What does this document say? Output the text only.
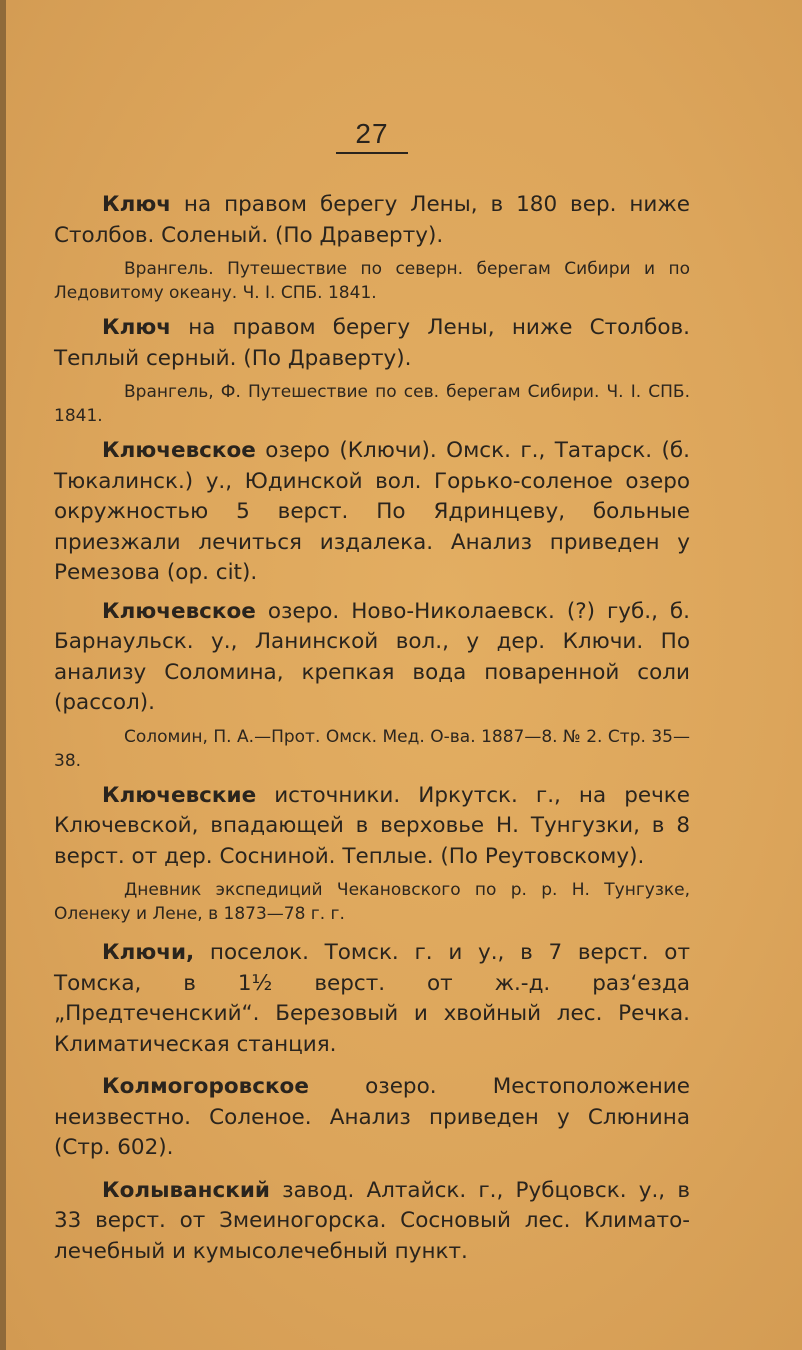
27

Ключ на правом берегу Лены, в 180 вер. ниже Столбов. Соленый. (По Драверту).

Врангель. Путешествие по северн. берегам Сибири и по Ледовитому океану. Ч. I. СПБ. 1841.

Ключ на правом берегу Лены, ниже Столбов. Теплый серный. (По Драверту).

Врангель, Ф. Путешествие по сев. берегам Сибири. Ч. I. СПБ. 1841.

Ключевское озеро (Ключи). Омск. г., Татарск. (б. Тюкалинск.) у., Юдинской вол. Горько-соленое озеро окружностью 5 верст. По Ядринцеву, больные приезжали лечиться издалека. Анализ приведен у Ремезова (ор. cit).

Ключевское озеро. Ново-Николаевск. (?) губ., б. Барнаульск. у., Ланинской вол., у дер. Ключи. По анализу Соломина, крепкая вода поваренной соли (рассол).

Соломин, П. А.—Прот. Омск. Мед. О-ва. 1887—8. № 2. Стр. 35—38.

Ключевские источники. Иркутск. г., на речке Ключевской, впадающей в верховье Н. Тунгузки, в 8 верст. от дер. Сосниной. Теплые. (По Реутовскому).

Дневник экспедиций Чекановского по р. р. Н. Тунгузке, Оленеку и Лене, в 1873—78 г. г.

Ключи, поселок. Томск. г. и у., в 7 верст. от Томска, в 1½ верст. от ж.-д. раз‘езда „Предтеченский“. Березовый и хвойный лес. Речка. Климатическая станция.

Колмогоровское озеро. Местоположение неизвестно. Соленое. Анализ приведен у Слюнина (Стр. 602).

Колыванский завод. Алтайск. г., Рубцовск. у., в 33 верст. от Змеиногорска. Сосновый лес. Климато-лечебный и кумысолечебный пункт.
